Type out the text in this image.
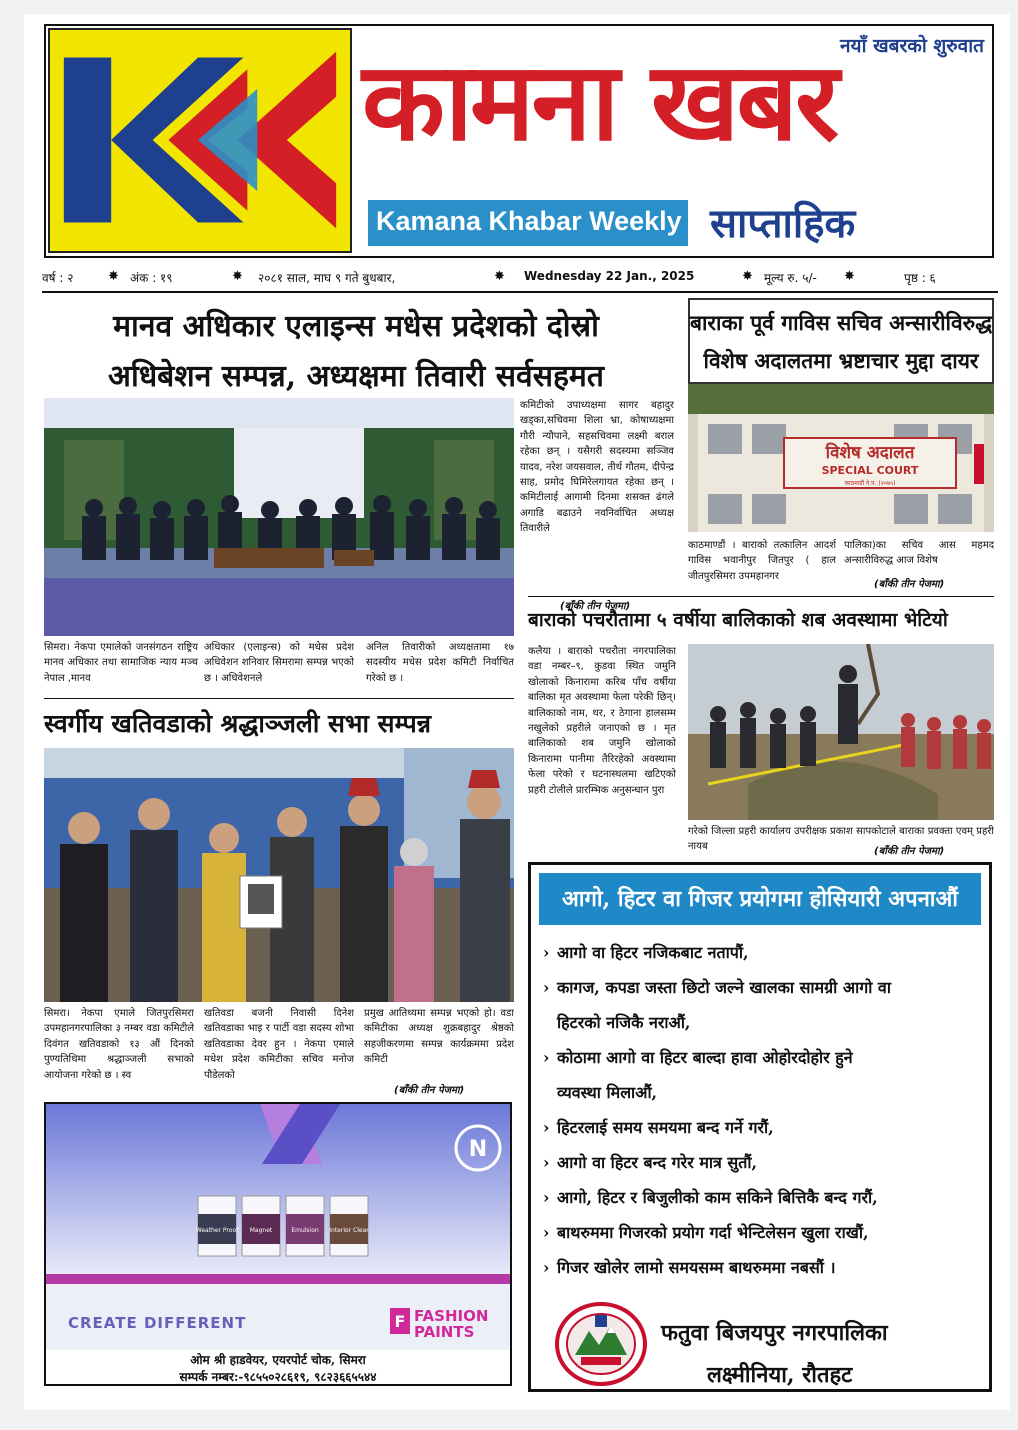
नयाँ खबरको शुरुवात
कामना खबर
Kamana Khabar Weekly साप्ताहिक
वर्ष : २	✸ अंक : १९	✸ २०८१ साल, माघ ९ गते बुधबार,	✸ Wednesday 22 Jan., 2025	✸ मूल्य रु. ५/- ✸	पृष्ठ : ६
मानव अधिकार एलाइन्स मधेस प्रदेशको दोस्रो
अधिबेशन सम्पन्न, अध्यक्षमा तिवारी सर्वसहमत
कमिटीको उपाध्यक्षमा सागर बहादुर खड्का,सचिवमा शिला भ्रा, कोषाध्यक्षमा गौरी न्यौपाने, सहसचिवमा लक्ष्मी बराल रहेका छन् । यसैगरी सदस्यमा सञ्जिव यादव, नरेश जयसवाल, तीर्थ गौतम, दीपेन्द्र साह, प्रमोद घिमिरेलगायत रहेका छन् । कमिटीलाई आगामी दिनमा शसक्त ढंगले अगाडि बढाउने नवनिर्वाचित अध्यक्ष तिवारीले
(बाँकी तीन पेजमा)
सिमरा। नेकपा एमालेको जनसंगठन राष्ट्रिय मानव अधिकार तथा सामाजिक न्याय मञ्च नेपाल ,मानव
अधिकार (एलाइन्स) को मधेस प्रदेश अधिवेशन शनिवार सिमरामा सम्पन्न भएको छ । अधिवेशनले
अनिल तिवारीको अध्यक्षतामा १७ सदस्यीय मधेस प्रदेश कमिटी निर्वाचित गरेको छ ।
बाराका पूर्व गाविस सचिव अन्सारीविरुद्ध
विशेष अदालतमा भ्रष्टाचार मुद्दा दायर
विशेष अदालत
SPECIAL COURT
काठमाडौं ने.प. (२०७५)
काठमाण्डौं । बाराको तत्कालिन आदर्श गाविस भवानीपुर जितपुर ( हाल जीतपुरसिमरा उपमहानगर
पालिका)का सचिव आस महमद अन्सारीविरुद्ध आज विशेष
(बाँकी तीन पेजमा)
बाराको पचरौतामा ५ वर्षीया बालिकाको शब अवस्थामा भेटियो
कलैया । बाराको पचरौता नगरपालिका वडा नम्बर–९, कुडवा स्थित जमुनि खोलाको किनारामा करिब पाँच वर्षीया बालिका मृत अवस्थामा फेला परेकी छिन्। बालिकाको नाम, थर, र ठेगाना हालसम्म नखुलेको प्रहरीले जनाएको छ । मृत बालिकाको शब जमुनि खोलाको किनारामा पानीमा तैरिरहेको अवस्थामा फेला परेको र घटनास्थलमा खटिएको प्रहरी टोलीले प्रारम्भिक अनुसन्धान पुरा
गरेको जिल्ला प्रहरी कार्यालय उपरीक्षक प्रकाश सापकोटाले बाराका प्रवक्ता एवम् प्रहरी नायब	(बाँकी तीन पेजमा)
स्वर्गीय खतिवडाको श्रद्धाञ्जली सभा सम्पन्न
सिमरा। नेकपा एमाले जितपुरसिमरा उपमहानगरपालिका ३ नम्बर वडा कमिटीले दिवंगत खतिवडाको १३ औं दिनको पुण्यतिथिमा श्रद्धाञ्जली सभाको आयोजना गरेको छ । स्व
खतिवडा बजनी निवासी दिनेश खतिवडाका भाइ र पार्टी वडा सदस्य शोभा खतिवडाका देवर हुन । नेकपा एमाले मधेश प्रदेश कमिटीका सचिव मनोज पौडेलको
प्रमुख आतिथ्यमा सम्पन्न भएको हो। वडा कमिटीका अध्यक्ष शुक्रबहादुर श्रेष्ठको सहजीकरणमा सम्पन्न कार्यक्रममा प्रदेश कमिटी
(बाँकी तीन पेजमा)
Weather Proof Magnet	Emulsion Interior Clear
N
CREATE DIFFERENT	F FASHION
PAINTS
ओम श्री हाडवेयर, एयरपोर्ट चोक, सिमरा
सम्पर्क नम्बर:-९८५५०२८६१९, ९८२३६६५५४४
आगो, हिटर वा गिजर प्रयोगमा होसियारी अपनाऔं
› आगो वा हिटर नजिकबाट नतापौं,
› कागज, कपडा जस्ता छिटो जल्ने खालका सामग्री आगो वा
हिटरको नजिकै नराऔं,
› कोठामा आगो वा हिटर बाल्दा हावा ओहोरदोहोर हुने
व्यवस्था मिलाऔं,
› हिटरलाई समय समयमा बन्द गर्ने गरौं,
› आगो वा हिटर बन्द गरेर मात्र सुतौं,
› आगो, हिटर र बिजुलीको काम सकिने बित्तिकै बन्द गरौं,
› बाथरुममा गिजरको प्रयोग गर्दा भेन्टिलेसन खुला राखौं,
› गिजर खोलेर लामो समयसम्म बाथरुममा नबसौं ।
फतुवा बिजयपुर नगरपालिका
लक्ष्मीनिया, रौतहट
